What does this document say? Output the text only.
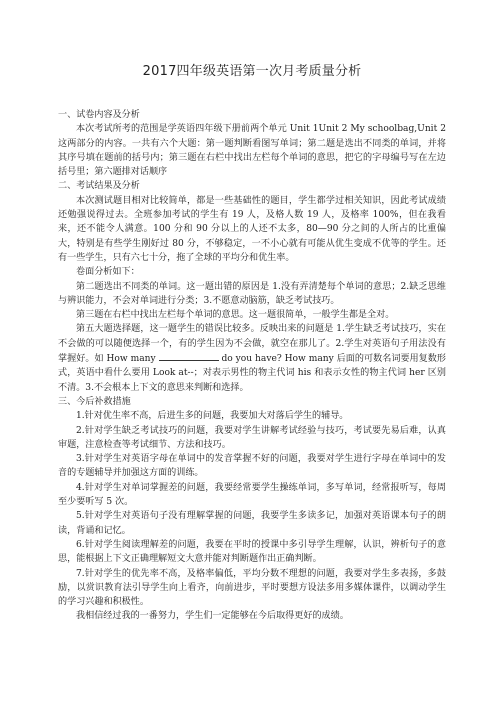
2017四年级英语第一次月考质量分析
一、试卷内容及分析

本次考试所考的范围是学英语四年级下册前两个单元 Unit 1Unit 2 My schoolbag,Unit 2这两部分的内容。一共有六个大题：第一题判断看图写单词；第二题是选出不同类的单词，并将其序号填在题前的括号内；第三题在右栏中找出左栏每个单词的意思，把它的字母编号写在左边括号里；第六题排对话顺序

二、考试结果及分析

本次测试题目相对比较简单，都是一些基础性的题目，学生都学过相关知识，因此考试成绩还勉强说得过去。全班参加考试的学生有 19 人，及格人数 19 人，及格率 100%，但在我看来，还不能令人满意。100 分和 90 分以上的人还不太多，80—90 分之间的人所占的比重偏大，特别是有些学生刚好过 80 分，不够稳定，一不小心就有可能从优生变成不优等的学生。还有一些学生，只有六七十分，拖了全球的平均分和优生率。

卷面分析如下：

第二题选出不同类的单词。这一题出错的原因是 1.没有弄清楚每个单词的意思；2.缺乏思维与辨识能力，不会对单词进行分类；3.不愿意动脑筋，缺乏考试技巧。

第三题在右栏中找出左栏每个单词的意思。这一题很简单，一般学生都是全对。

第五大题选择题，这一题学生的错误比较多。反映出来的问题是 1.学生缺乏考试技巧，实在不会做的可以随便选择一个，有的学生因为不会做，就空在那儿了。2.学生对英语句子用法没有掌握好。如 How many	do you have? How many 后面的可数名词要用复数形式，英语中看什么要用 Look at--；对表示男性的物主代词 his 和表示女性的物主代词 her 区别不清。3.不会根本上下文的意思来判断和选择。

三、今后补救措施

1.针对优生率不高，后进生多的问题，我要加大对落后学生的辅导。

2.针对学生缺乏考试技巧的问题，我要对学生讲解考试经验与技巧，考试要先易后难，认真审题，注意检查等考试细节、方法和技巧。

3.针对学生对英语字母在单词中的发音掌握不好的问题，我要对学生进行字母在单词中的发音的专题辅导并加强这方面的训练。

4.针对学生对单词掌握差的问题，我要经常要学生操练单词，多写单词，经常报听写，每周至少要听写 5 次。

5.针对学生对英语句子没有理解掌握的问题，我要学生多读多记，加强对英语课本句子的朗读，背诵和记忆。

6.针对学生阅读理解差的问题，我要在平时的授课中多引导学生理解，认识，辨析句子的意思，能根据上下文正确理解短文大意并能对判断题作出正确判断。

7.针对学生的优先率不高，及格率偏低，平均分数不理想的问题，我要对学生多表扬，多鼓励，以赏识教育法引导学生向上看齐，向前进步，平时要想方设法多用多媒体课件，以调动学生的学习兴趣和积极性。

我相信经过我的一番努力，学生们一定能够在今后取得更好的成绩。
